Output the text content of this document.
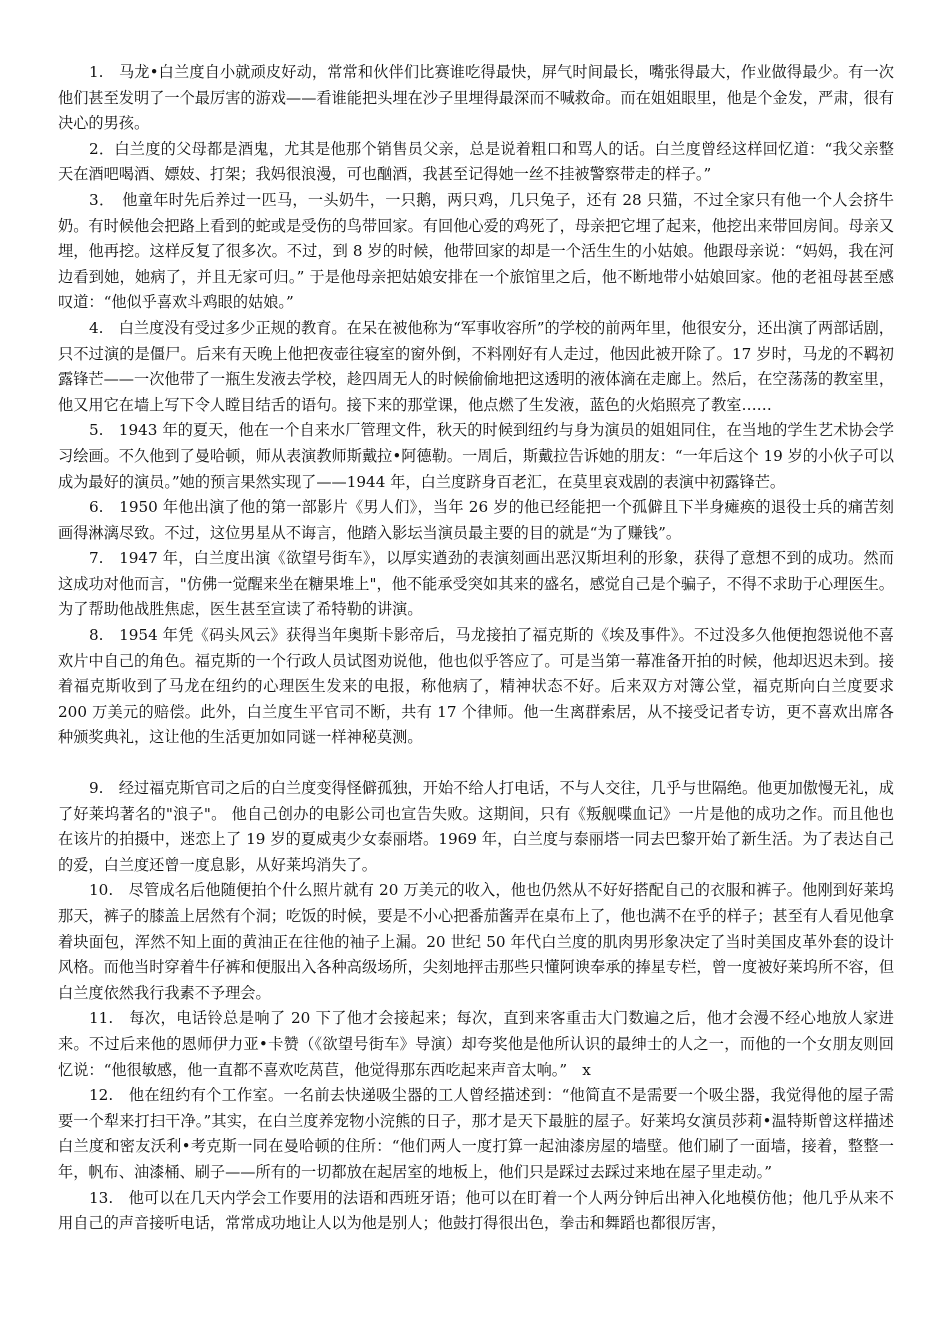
1.　马龙•白兰度自小就顽皮好动，常常和伙伴们比赛谁吃得最快，屏气时间最长，嘴张得最大，作业做得最少。有一次他们甚至发明了一个最厉害的游戏——看谁能把头埋在沙子里埋得最深而不喊救命。而在姐姐眼里，他是个金发，严肃，很有决心的男孩。

2．白兰度的父母都是酒鬼，尤其是他那个销售员父亲，总是说着粗口和骂人的话。白兰度曾经这样回忆道：“我父亲整天在酒吧喝酒、嫖妓、打架；我妈很浪漫，可也酗酒，我甚至记得她一丝不挂被警察带走的样子。”

3．　他童年时先后养过一匹马，一头奶牛，一只鹅，两只鸡，几只兔子，还有 28 只猫，不过全家只有他一个人会挤牛奶。有时候他会把路上看到的蛇或是受伤的鸟带回家。有回他心爱的鸡死了，母亲把它埋了起来，他挖出来带回房间。母亲又埋，他再挖。这样反复了很多次。不过，到 8 岁的时候，他带回家的却是一个活生生的小姑娘。他跟母亲说：“妈妈，我在河边看到她，她病了，并且无家可归。” 于是他母亲把姑娘安排在一个旅馆里之后，他不断地带小姑娘回家。他的老祖母甚至感叹道：“他似乎喜欢斗鸡眼的姑娘。”

4.　白兰度没有受过多少正规的教育。在呆在被他称为“军事收容所”的学校的前两年里，他很安分，还出演了两部话剧，只不过演的是僵尸。后来有天晚上他把夜壶往寝室的窗外倒，不料刚好有人走过，他因此被开除了。17 岁时，马龙的不羁初露锋芒——一次他带了一瓶生发液去学校，趁四周无人的时候偷偷地把这透明的液体滴在走廊上。然后，在空荡荡的教室里，他又用它在墙上写下令人瞠目结舌的语句。接下来的那堂课，他点燃了生发液，蓝色的火焰照亮了教室……

5.　1943 年的夏天，他在一个自来水厂管理文件，秋天的时候到纽约与身为演员的姐姐同住，在当地的学生艺术协会学习绘画。不久他到了曼哈顿，师从表演教师斯戴拉•阿德勒。一周后，斯戴拉告诉她的朋友：“一年后这个 19 岁的小伙子可以成为最好的演员。”她的预言果然实现了——1944 年，白兰度跻身百老汇，在莫里哀戏剧的表演中初露锋芒。

6.　1950 年他出演了他的第一部影片《男人们》，当年 26 岁的他已经能把一个孤僻且下半身瘫痪的退役士兵的痛苦刻画得淋漓尽致。不过，这位男星从不诲言，他踏入影坛当演员最主要的目的就是“为了赚钱”。

7.　1947 年，白兰度出演《欲望号街车》，以厚实遒劲的表演刻画出恶汉斯坦利的形象，获得了意想不到的成功。然而这成功对他而言，"仿佛一觉醒来坐在糖果堆上"，他不能承受突如其来的盛名，感觉自己是个骗子，不得不求助于心理医生。为了帮助他战胜焦虑，医生甚至宣读了希特勒的讲演。

8.　1954 年凭《码头风云》获得当年奥斯卡影帝后，马龙接拍了福克斯的《埃及事件》。不过没多久他便抱怨说他不喜欢片中自己的角色。福克斯的一个行政人员试图劝说他，他也似乎答应了。可是当第一幕准备开拍的时候，他却迟迟未到。接着福克斯收到了马龙在纽约的心理医生发来的电报，称他病了，精神状态不好。后来双方对簿公堂，福克斯向白兰度要求 200 万美元的赔偿。此外，白兰度生平官司不断，共有 17 个律师。他一生离群索居，从不接受记者专访，更不喜欢出席各种颁奖典礼，这让他的生活更加如同谜一样神秘莫测。

9.　经过福克斯官司之后的白兰度变得怪僻孤独，开始不给人打电话，不与人交往，几乎与世隔绝。他更加傲慢无礼，成了好莱坞著名的"浪子"。 他自己创办的电影公司也宣告失败。这期间，只有《叛舰喋血记》一片是他的成功之作。而且他也在该片的拍摄中，迷恋上了 19 岁的夏威夷少女泰丽塔。1969 年，白兰度与泰丽塔一同去巴黎开始了新生活。为了表达自己的爱，白兰度还曾一度息影，从好莱坞消失了。

10.　尽管成名后他随便拍个什么照片就有 20 万美元的收入，他也仍然从不好好搭配自己的衣服和裤子。他刚到好莱坞那天，裤子的膝盖上居然有个洞；吃饭的时候，要是不小心把番茄酱弄在桌布上了，他也满不在乎的样子；甚至有人看见他拿着块面包，浑然不知上面的黄油正在往他的袖子上漏。20 世纪 50 年代白兰度的肌肉男形象决定了当时美国皮革外套的设计风格。而他当时穿着牛仔裤和便服出入各种高级场所，尖刻地抨击那些只懂阿谀奉承的捧星专栏，曾一度被好莱坞所不容，但白兰度依然我行我素不予理会。

11.　每次，电话铃总是响了 20 下了他才会接起来；每次，直到来客重击大门数遍之后，他才会漫不经心地放人家进来。不过后来他的恩师伊力亚•卡赞（《欲望号街车》导演）却夸奖他是他所认识的最绅士的人之一，而他的一个女朋友则回忆说：“他很敏感，他一直都不喜欢吃莴苣，他觉得那东西吃起来声音太响。”　x

12.　他在纽约有个工作室。一名前去快递吸尘器的工人曾经描述到：“他简直不是需要一个吸尘器，我觉得他的屋子需要一个犁来打扫干净。”其实，在白兰度养宠物小浣熊的日子，那才是天下最脏的屋子。好莱坞女演员莎莉•温特斯曾这样描述白兰度和密友沃利•考克斯一同在曼哈顿的住所：“他们两人一度打算一起油漆房屋的墙壁。他们刷了一面墙，接着，整整一年，帆布、油漆桶、刷子——所有的一切都放在起居室的地板上，他们只是踩过去踩过来地在屋子里走动。”

13.　他可以在几天内学会工作要用的法语和西班牙语；他可以在盯着一个人两分钟后出神入化地模仿他；他几乎从来不用自己的声音接听电话，常常成功地让人以为他是别人；他鼓打得很出色，拳击和舞蹈也都很厉害，
